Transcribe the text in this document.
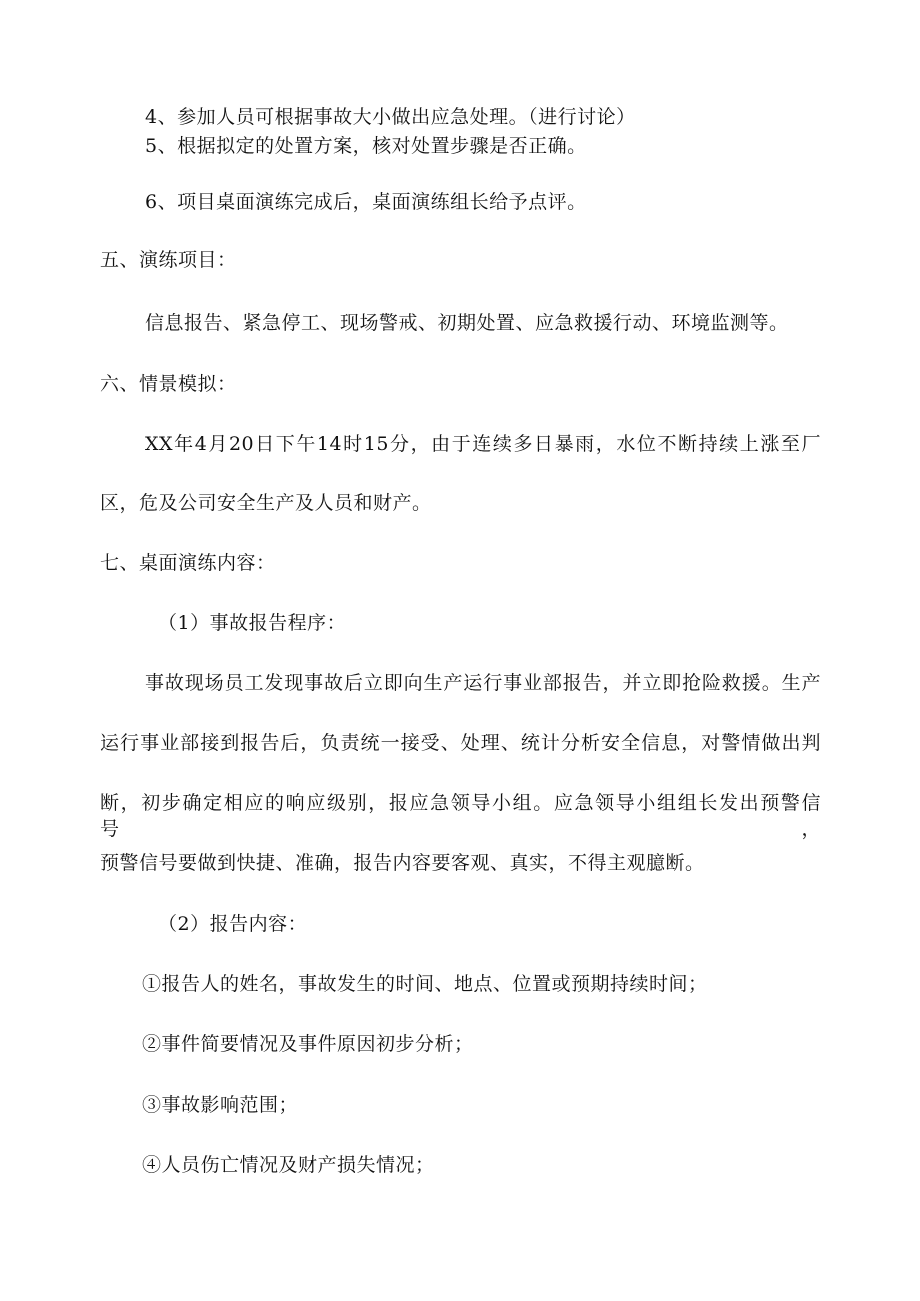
4、参加人员可根据事故大小做出应急处理。（进行讨论）
5、根据拟定的处置方案，核对处置步骤是否正确。
6、项目桌面演练完成后，桌面演练组长给予点评。
五、演练项目：
信息报告、紧急停工、现场警戒、初期处置、应急救援行动、环境监测等。
六、情景模拟：
XX年4月20日下午14时15分，由于连续多日暴雨，水位不断持续上涨至厂
区，危及公司安全生产及人员和财产。
七、桌面演练内容：
（1）事故报告程序：
事故现场员工发现事故后立即向生产运行事业部报告，并立即抢险救援。生产
运行事业部接到报告后，负责统一接受、处理、统计分析安全信息，对警情做出判
断，初步确定相应的响应级别，报应急领导小组。应急领导小组组长发出预警信号，
预警信号要做到快捷、准确，报告内容要客观、真实，不得主观臆断。
（2）报告内容：
①报告人的姓名，事故发生的时间、地点、位置或预期持续时间；
②事件简要情况及事件原因初步分析；
③事故影响范围；
④人员伤亡情况及财产损失情况；
